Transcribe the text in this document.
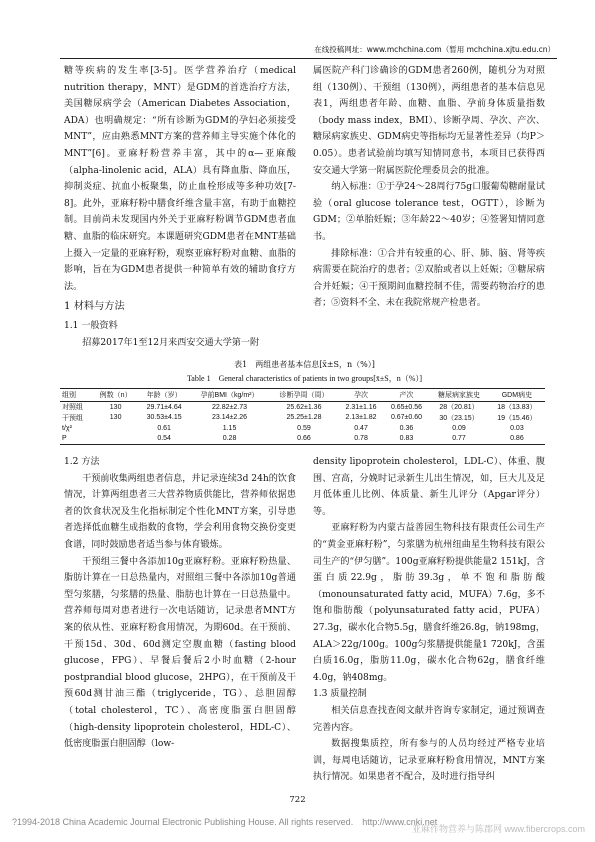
在线投稿网址：www.mchchina.com（暂用 mchchina.xjtu.edu.cn）

糖等疾病的发生率[3-5]。医学营养治疗（medical nutrition therapy，MNT）是GDM的首选治疗方法，美国糖尿病学会（American Diabetes Association，ADA）也明确规定：“所有诊断为GDM的孕妇必须接受MNT”，应由熟悉MNT方案的营养师主导实施个体化的MNT”[6]。亚麻籽粉营养丰富，其中的α—亚麻酸（alpha-linolenic acid，ALA）具有降血脂、降血压，抑制炎症、抗血小板聚集，防止血栓形成等多种功效[7-8]。此外，亚麻籽粉中膳食纤维含量丰富，有助于血糖控制。目前尚未发现国内外关于亚麻籽粉调节GDM患者血糖、血脂的临床研究。本课题研究GDM患者在MNT基础上摄入一定量的亚麻籽粉，观察亚麻籽粉对血糖、血脂的影响，旨在为GDM患者提供一种简单有效的辅助食疗方法。

1 材料与方法

1.1 一般资料

招募2017年1至12月来西安交通大学第一附

属医院产科门诊确诊的GDM患者260例，随机分为对照组（130例）、干预组（130例），两组患者的基本信息见表1，两组患者年龄、血糖、血脂、孕前身体质量指数（body mass index，BMI）、诊断孕周、孕次、产次、糖尿病家族史、GDM病史等指标均无显著性差异（均P＞0.05）。患者试验前均填写知情同意书，本项目已获得西安交通大学第一附属医院伦理委员会的批准。

纳入标准：①于孕24～28周行75g口服葡萄糖耐量试验（oral glucose tolerance test，OGTT），诊断为GDM；②单胎妊娠；③年龄22～40岁；④签署知情同意书。

排除标准：①合并有较重的心、肝、肺、脑、肾等疾病需要在院治疗的患者；②双胎或者以上妊娠；③糖尿病合并妊娠；④干预期间血糖控制不佳，需要药物治疗的患者；⑤资料不全、未在我院常规产检患者。

表1　两组患者基本信息[x̄±S，n（%）]
Table 1　General characteristics of patients in two groups[x̄±S，n（%）]
组别	例数（n）	年龄（岁）	孕前BMI（kg/m²）	诊断孕周（周）	孕次	产次	糖尿病家族史	GDM病史
对照组	130	29.71±4.64	22.82±2.73	25.62±1.36	2.31±1.16	0.65±0.56	28（20.81）	18（13.83）
干预组	130	30.53±4.15	23.14±2.26	25.25±1.28	2.13±1.82	0.67±0.60	30（23.15）	19（15.46）
t/χ²		0.61	1.15	0.59	0.47	0.36	0.09	0.03
P		0.54	0.28	0.66	0.78	0.83	0.77	0.86

1.2 方法

干预前收集两组患者信息，并记录连续3d 24h的饮食情况，计算两组患者三大营养物质供能比，营养师依据患者的饮食状况及生化指标制定个性化MNT方案，引导患者选择低血糖生成指数的食物，学会利用食物交换份变更食谱，同时鼓励患者适当参与体育锻炼。

干预组三餐中各添加10g亚麻籽粉。亚麻籽粉热量、脂肪计算在一日总热量内，对照组三餐中各添加10g普通型匀浆膳，匀浆膳的热量、脂肪也计算在一日总热量中。营养师每周对患者进行一次电话随访，记录患者MNT方案的依从性、亚麻籽粉食用情况，为期60d。在干预前、干预15d、30d、60d测定空腹血糖（fasting blood glucose，FPG）、早餐后餐后2小时血糖（2-hour postprandial blood glucose，2HPG），在干预前及干预60d测甘油三酯（triglyceride，TG）、总胆固醇（total cholesterol，TC）、高密度脂蛋白胆固醇（high-density lipoprotein cholesterol，HDL-C）、低密度脂蛋白胆固醇（low-

density lipoprotein cholesterol，LDL-C）、体重、腹围、宫高，分娩时记录新生儿出生情况，如，巨大儿及足月低体重儿比例、体质量、新生儿评分（Apgar评分）等。

亚麻籽粉为内蒙古益善园生物科技有限责任公司生产的“黄金亚麻籽粉”，匀浆膳为杭州纽曲星生物科技有限公司生产的“伊匀膳”。100g亚麻籽粉提供能量2 151kJ，含蛋白质22.9g，脂肪39.3g，单不饱和脂肪酸（monounsaturated fatty acid，MUFA）7.6g，多不饱和脂肪酸（polyunsaturated fatty acid，PUFA）27.3g，碳水化合物5.5g，膳食纤维26.8g，钠198mg，ALA＞22g/100g。100g匀浆膳提供能量1 720kJ，含蛋白质16.0g，脂肪11.0g，碳水化合物62g，膳食纤维4.0g，钠408mg。

1.3 质量控制

相关信息查找查阅文献并咨询专家制定，通过预调查完善内容。

数据搜集质控，所有参与的人员均经过严格专业培训，每周电话随访，记录亚麻籽粉食用情况，MNT方案执行情况。如果患者不配合，及时进行指导纠

722
?1994-2018 China Academic Journal Electronic Publishing House. All rights reserved.　http://www.cnki.net
亚麻作物营养与陈郡网 www.fibercrops.com
